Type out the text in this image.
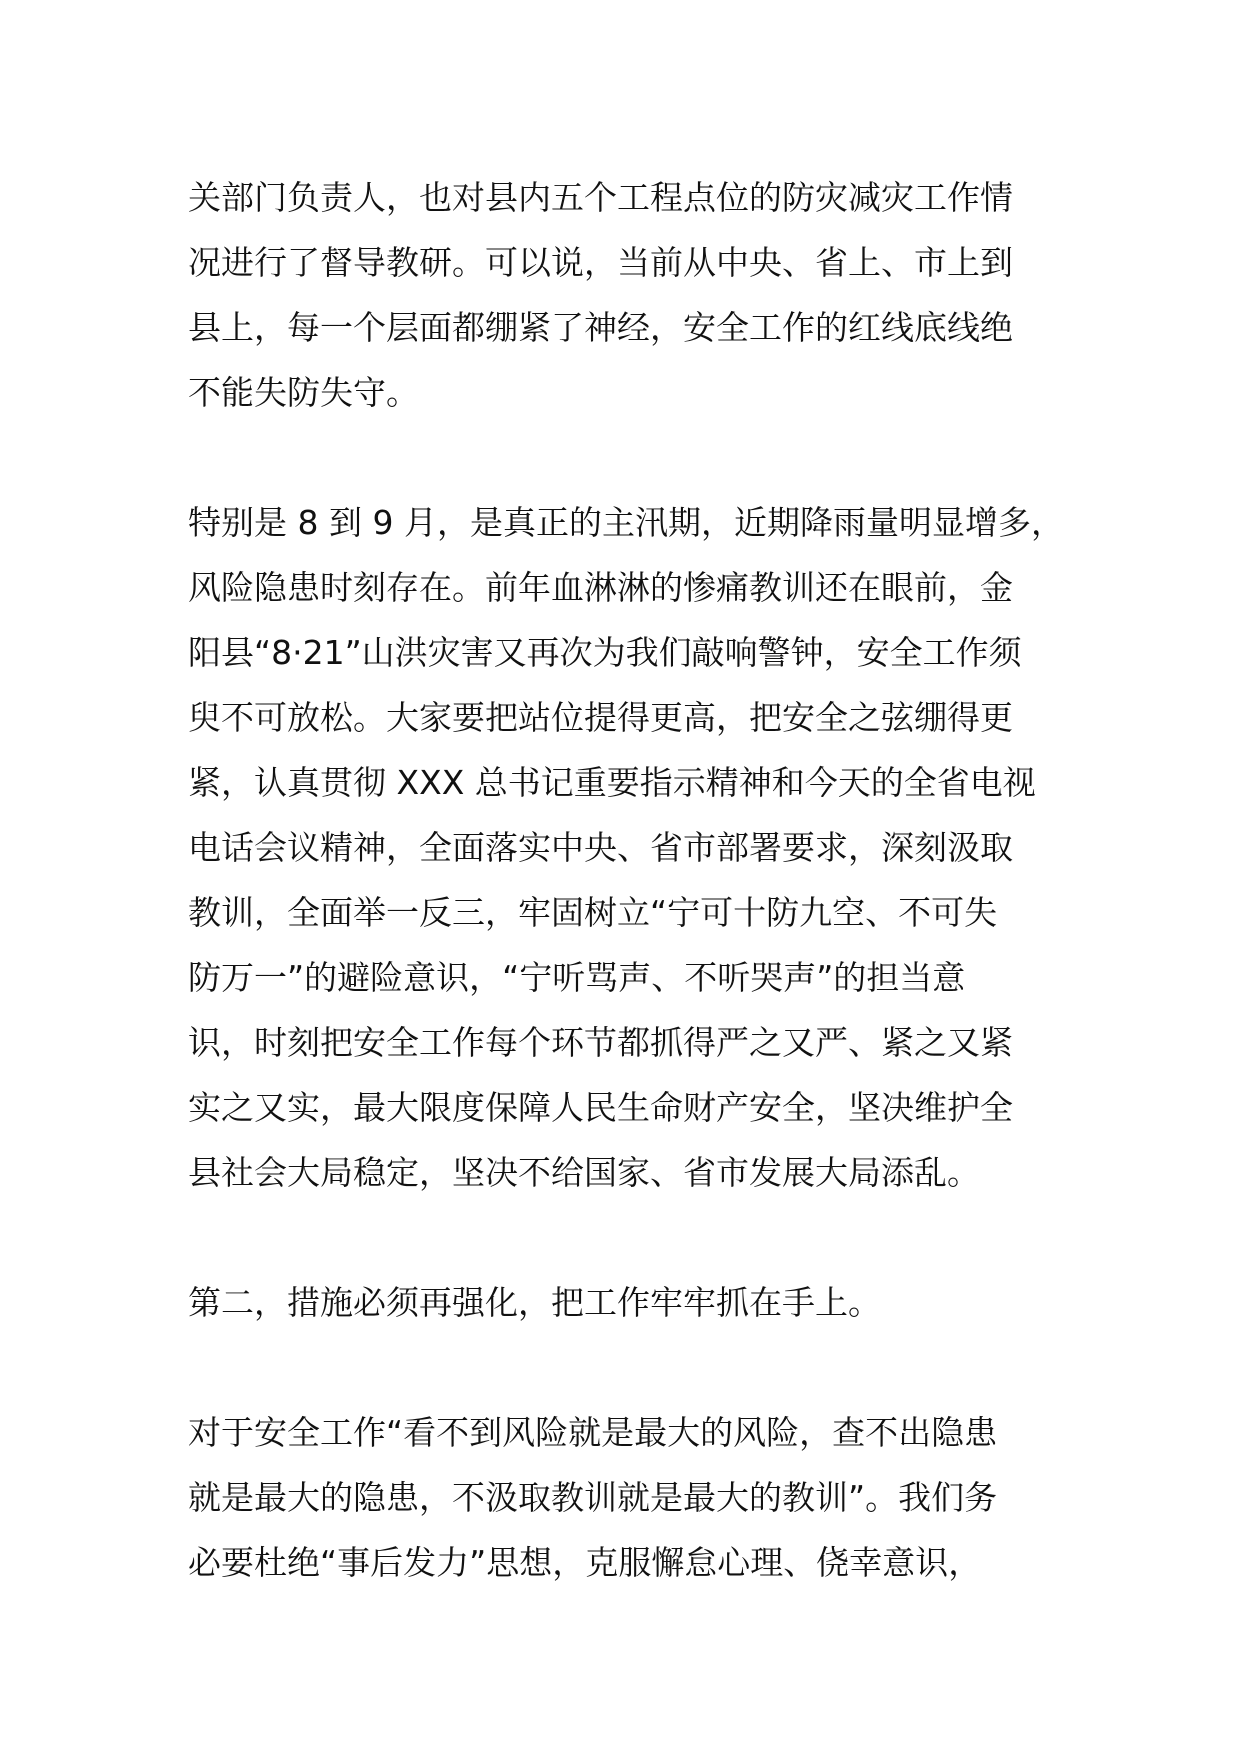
关部门负责人，也对县内五个工程点位的防灾减灾工作情
况进行了督导教研。可以说，当前从中央、省上、市上到
县上，每一个层面都绷紧了神经，安全工作的红线底线绝
不能失防失守。

特别是 8 到 9 月，是真正的主汛期，近期降雨量明显增多，
风险隐患时刻存在。前年血淋淋的惨痛教训还在眼前，金
阳县“8·21”山洪灾害又再次为我们敲响警钟，安全工作须
臾不可放松。大家要把站位提得更高，把安全之弦绷得更
紧，认真贯彻 XXX 总书记重要指示精神和今天的全省电视
电话会议精神，全面落实中央、省市部署要求，深刻汲取
教训，全面举一反三，牢固树立“宁可十防九空、不可失
防万一”的避险意识，“宁听骂声、不听哭声”的担当意
识，时刻把安全工作每个环节都抓得严之又严、紧之又紧
实之又实，最大限度保障人民生命财产安全，坚决维护全
县社会大局稳定，坚决不给国家、省市发展大局添乱。

第二，措施必须再强化，把工作牢牢抓在手上。

对于安全工作“看不到风险就是最大的风险，查不出隐患
就是最大的隐患，不汲取教训就是最大的教训”。我们务
必要杜绝“事后发力”思想，克服懈怠心理、侥幸意识，
